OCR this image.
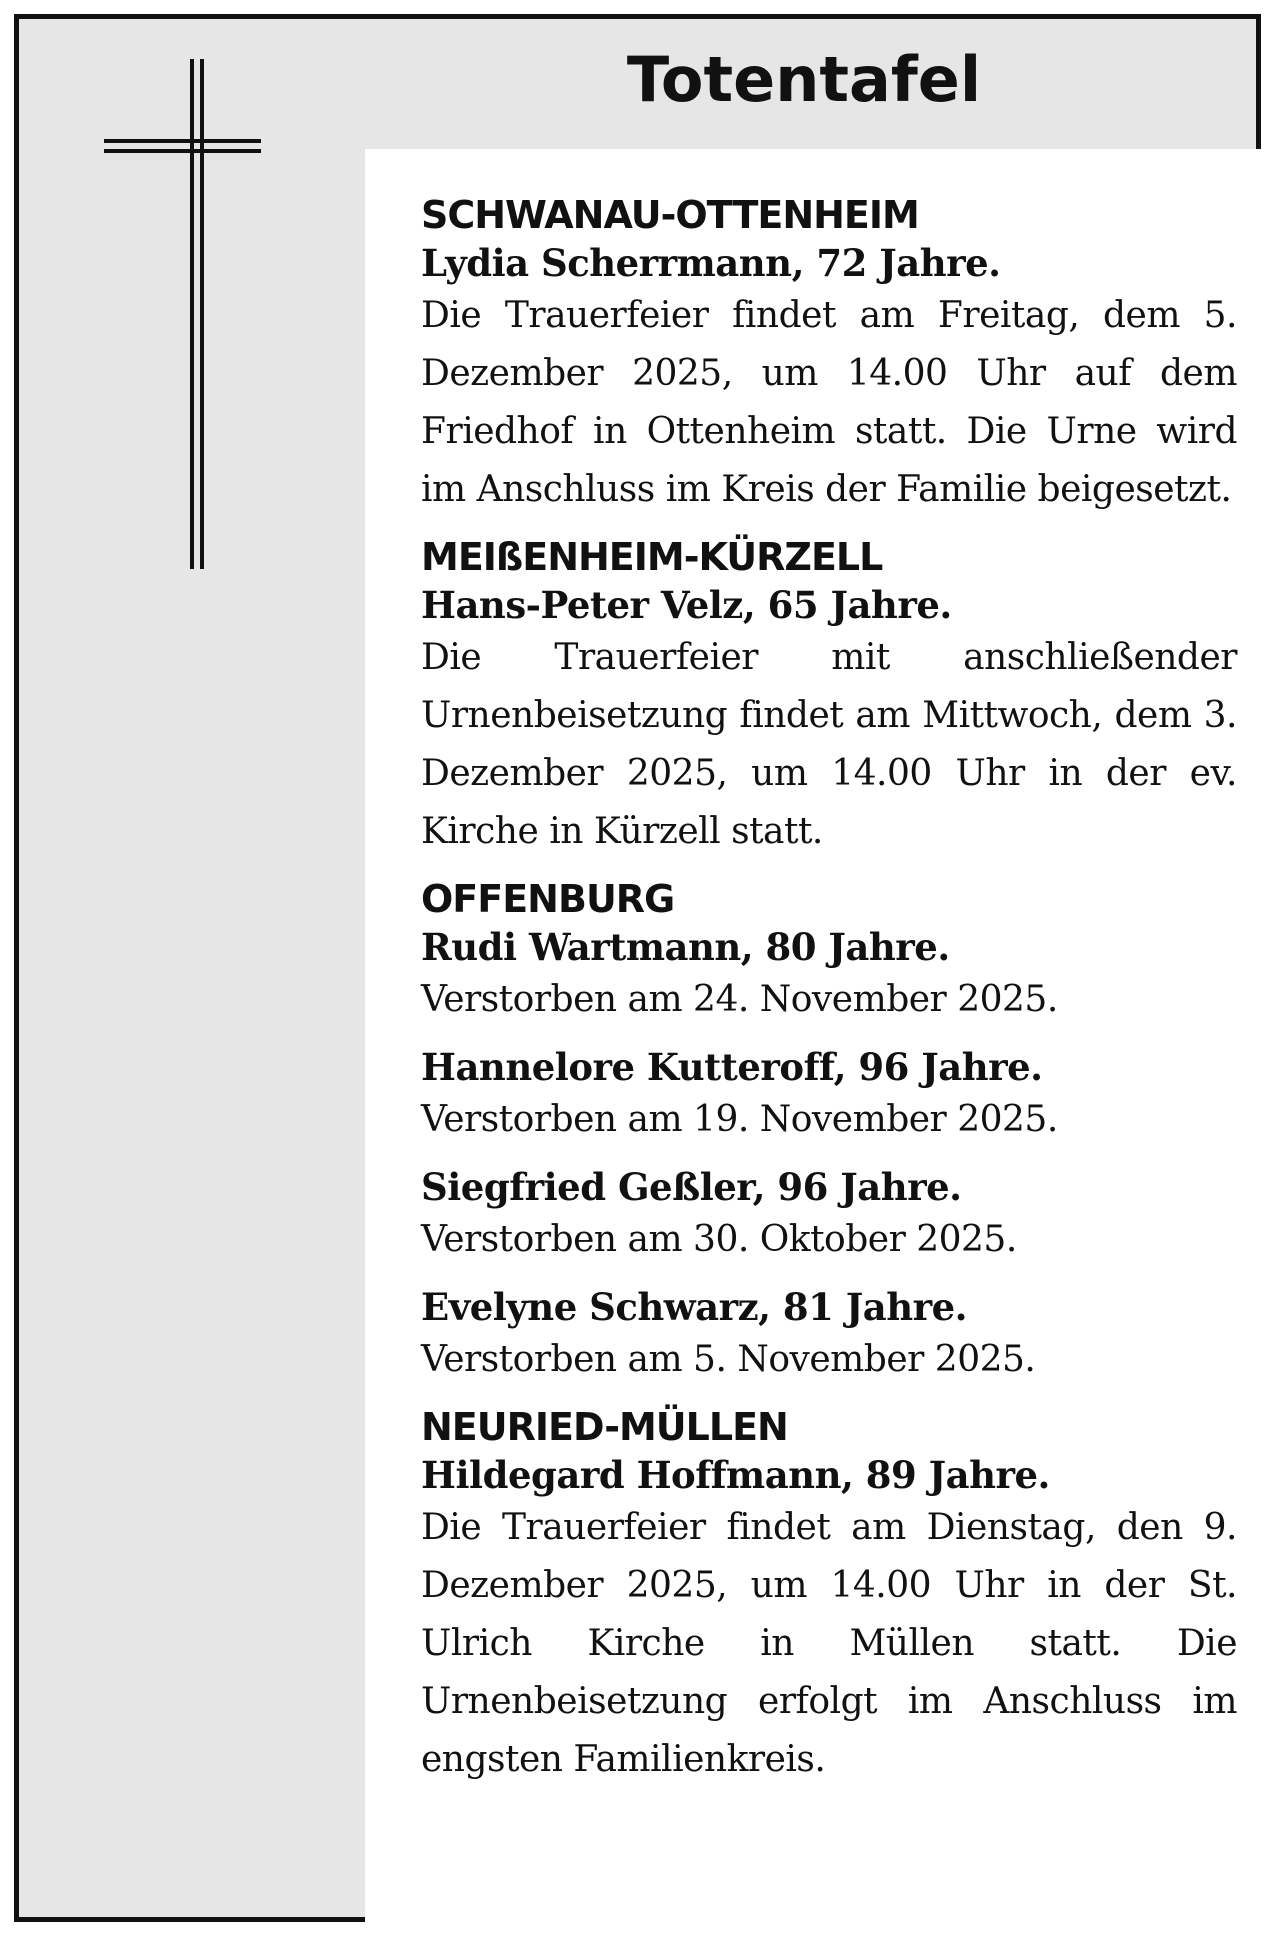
Totentafel
SCHWANAU-OTTENHEIM
Lydia Scherrmann, 72 Jahre.
Die Trauerfeier findet am Freitag, dem 5. Dezember 2025, um 14.00 Uhr auf dem Friedhof in Ottenheim statt. Die Urne wird im Anschluss im Kreis der Familie beigesetzt.
MEIßENHEIM-KÜRZELL
Hans-Peter Velz, 65 Jahre.
Die Trauerfeier mit anschließender Urnenbeisetzung findet am Mittwoch, dem 3. Dezember 2025, um 14.00 Uhr in der ev. Kirche in Kürzell statt.
OFFENBURG
Rudi Wartmann, 80 Jahre.
Verstorben am 24. November 2025.
Hannelore Kutteroff, 96 Jahre.
Verstorben am 19. November 2025.
Siegfried Geßler, 96 Jahre.
Verstorben am 30. Oktober 2025.
Evelyne Schwarz, 81 Jahre.
Verstorben am 5. November 2025.
NEURIED-MÜLLEN
Hildegard Hoffmann, 89 Jahre.
Die Trauerfeier findet am Dienstag, den 9. Dezember 2025, um 14.00 Uhr in der St. Ulrich Kirche in Müllen statt. Die Urnenbeisetzung erfolgt im Anschluss im engsten Familienkreis.
